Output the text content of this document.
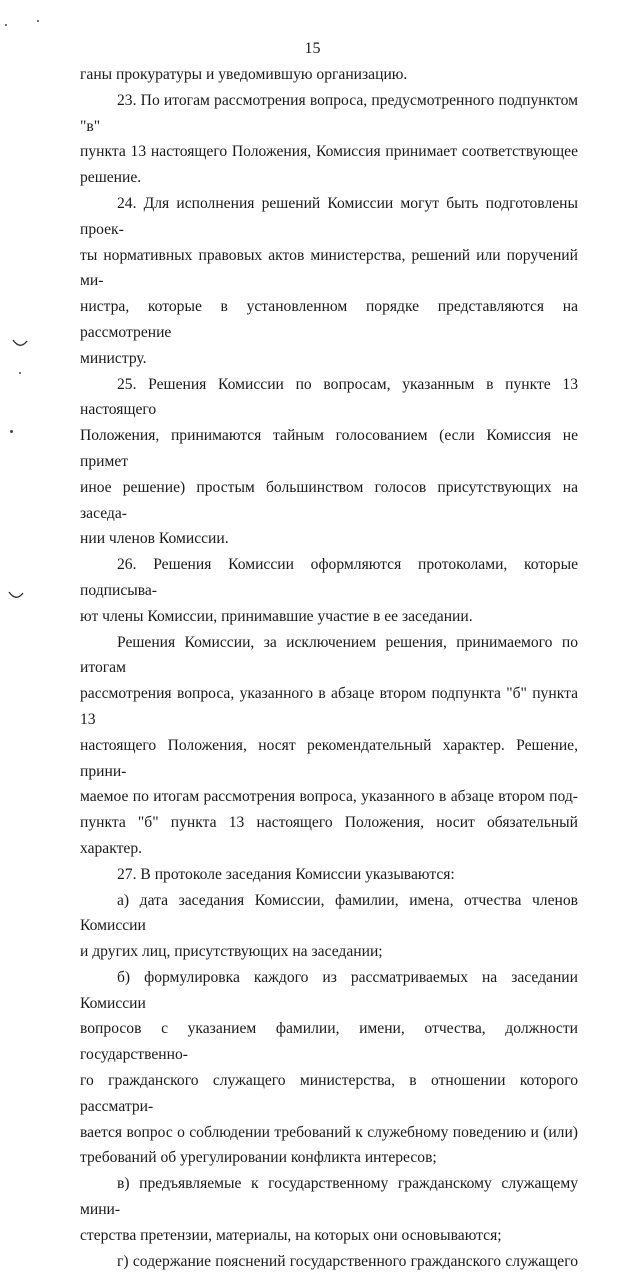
15

ганы прокуратуры и уведомившую организацию.

23. По итогам рассмотрения вопроса, предусмотренного подпунктом "в"

пункта 13 настоящего Положения, Комиссия принимает соответствующее

решение.

24. Для исполнения решений Комиссии могут быть подготовлены проек-

ты нормативных правовых актов министерства, решений или поручений ми-

нистра, которые в установленном порядке представляются на рассмотрение

министру.

25. Решения Комиссии по вопросам, указанным в пункте 13 настоящего

Положения, принимаются тайным голосованием (если Комиссия не примет

иное решение) простым большинством голосов присутствующих на заседа-

нии членов Комиссии.

26. Решения Комиссии оформляются протоколами, которые подписыва-

ют члены Комиссии, принимавшие участие в ее заседании.

Решения Комиссии, за исключением решения, принимаемого по итогам

рассмотрения вопроса, указанного в абзаце втором подпункта "б" пункта 13

настоящего Положения, носят рекомендательный характер. Решение, прини-

маемое по итогам рассмотрения вопроса, указанного в абзаце втором под-

пункта "б" пункта 13 настоящего Положения, носит обязательный характер.

27. В протоколе заседания Комиссии указываются:

а) дата заседания Комиссии, фамилии, имена, отчества членов Комиссии

и других лиц, присутствующих на заседании;

б) формулировка каждого из рассматриваемых на заседании Комиссии

вопросов с указанием фамилии, имени, отчества, должности государственно-

го гражданского служащего министерства, в отношении которого рассматри-

вается вопрос о соблюдении требований к служебному поведению и (или)

требований об урегулировании конфликта интересов;

в) предъявляемые к государственному гражданскому служащему мини-

стерства претензии, материалы, на которых они основываются;

г) содержание пояснений государственного гражданского служащего
